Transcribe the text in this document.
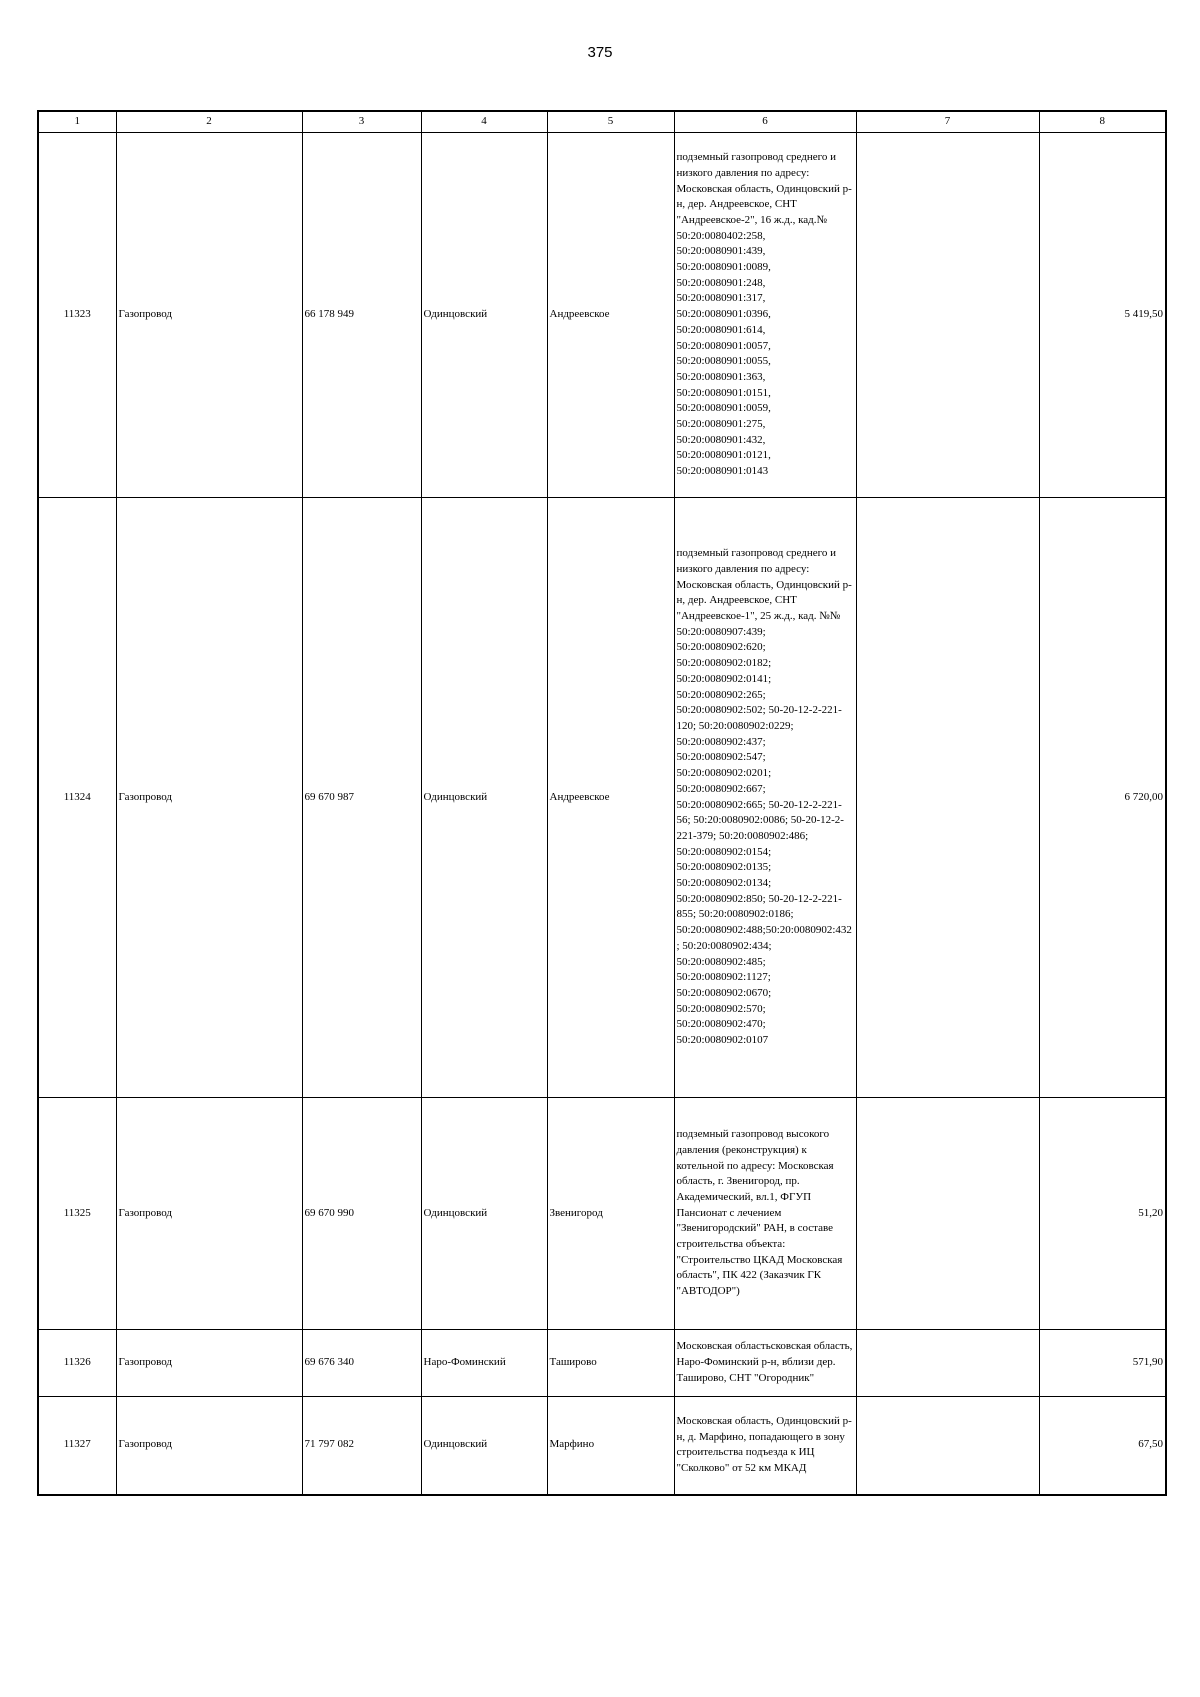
375
1	2	3	4	5	6	7	8
11323	Газопровод	66 178 949	Одинцовский	Андреевское	подземный газопровод среднего и низкого давления по адресу: Московская область, Одинцовский р-н, дер. Андреевское, СНТ "Андреевское-2", 16 ж.д., кад.№ 50:20:0080402:258, 50:20:0080901:439, 50:20:0080901:0089, 50:20:0080901:248, 50:20:0080901:317, 50:20:0080901:0396, 50:20:0080901:614, 50:20:0080901:0057, 50:20:0080901:0055, 50:20:0080901:363, 50:20:0080901:0151, 50:20:0080901:0059, 50:20:0080901:275, 50:20:0080901:432, 50:20:0080901:0121, 50:20:0080901:0143		5 419,50
11324	Газопровод	69 670 987	Одинцовский	Андреевское	подземный газопровод среднего и низкого давления по адресу: Московская область, Одинцовский р-н, дер. Андреевское, СНТ "Андреевское-1", 25 ж.д., кад. №№ 50:20:0080907:439; 50:20:0080902:620; 50:20:0080902:0182; 50:20:0080902:0141; 50:20:0080902:265; 50:20:0080902:502; 50-20-12-2-221-120; 50:20:0080902:0229; 50:20:0080902:437; 50:20:0080902:547; 50:20:0080902:0201; 50:20:0080902:667; 50:20:0080902:665; 50-20-12-2-221-56; 50:20:0080902:0086; 50-20-12-2-221-379; 50:20:0080902:486; 50:20:0080902:0154; 50:20:0080902:0135; 50:20:0080902:0134; 50:20:0080902:850; 50-20-12-2-221-855; 50:20:0080902:0186; 50:20:0080902:488;50:20:0080902:432; 50:20:0080902:434; 50:20:0080902:485; 50:20:0080902:1127; 50:20:0080902:0670; 50:20:0080902:570; 50:20:0080902:470; 50:20:0080902:0107		6 720,00
11325	Газопровод	69 670 990	Одинцовский	Звенигород	подземный газопровод высокого давления (реконструкция) к котельной по адресу: Московская область, г. Звенигород, пр. Академический, вл.1, ФГУП Пансионат с лечением "Звенигородский" РАН, в составе строительства объекта: "Строительство ЦКАД Московская область", ПК 422 (Заказчик ГК "АВТОДОР")		51,20
11326	Газопровод	69 676 340	Наро-Фоминский	Таширово	Московская областьсковская область, Наро-Фоминский р-н, вблизи дер. Таширово, СНТ "Огородник"		571,90
11327	Газопровод	71 797 082	Одинцовский	Марфино	Московская область, Одинцовский р-н, д. Марфино, попадающего в зону строительства подъезда к ИЦ "Сколково" от 52 км МКАД		67,50
